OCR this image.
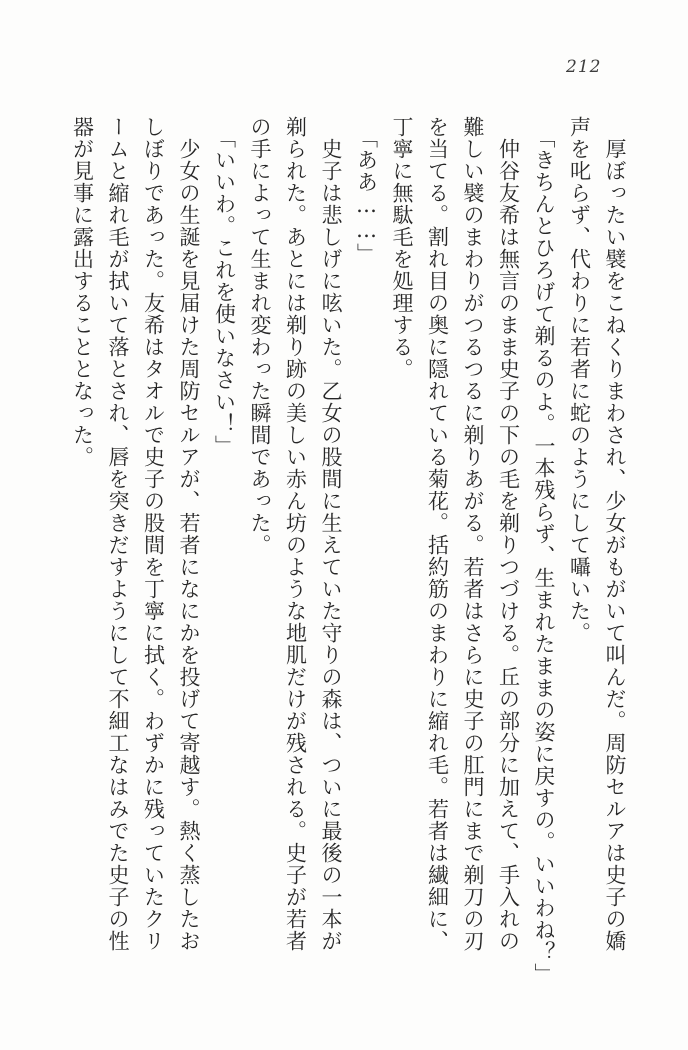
212
厚ぼったい襞をこねくりまわされ、少女がもがいて叫んだ。周防セルアは史子の嬌
声を叱らず、代わりに若者に蛇のようにして囁いた。
「きちんとひろげて剃るのよ。一本残らず、生まれたままの姿に戻すの。いいわね？」
仲谷友希は無言のまま史子の下の毛を剃りつづける。丘の部分に加えて、手入れの
難しい襞のまわりがつるつるに剃りあがる。若者はさらに史子の肛門にまで剃刀の刃
を当てる。割れ目の奥に隠れている菊花。括約筋のまわりに縮れ毛。若者は繊細に、
丁寧に無駄毛を処理する。
「ああ……」
史子は悲しげに呟いた。乙女の股間に生えていた守りの森は、ついに最後の一本が
剃られた。あとには剃り跡の美しい赤ん坊のような地肌だけが残される。史子が若者
の手によって生まれ変わった瞬間であった。
「いいわ。これを使いなさい！」
少女の生誕を見届けた周防セルアが、若者になにかを投げて寄越す。熱く蒸したお
しぼりであった。友希はタオルで史子の股間を丁寧に拭く。わずかに残っていたクリ
ームと縮れ毛が拭いて落とされ、唇を突きだすようにして不細工なはみでた史子の性
器が見事に露出することとなった。
